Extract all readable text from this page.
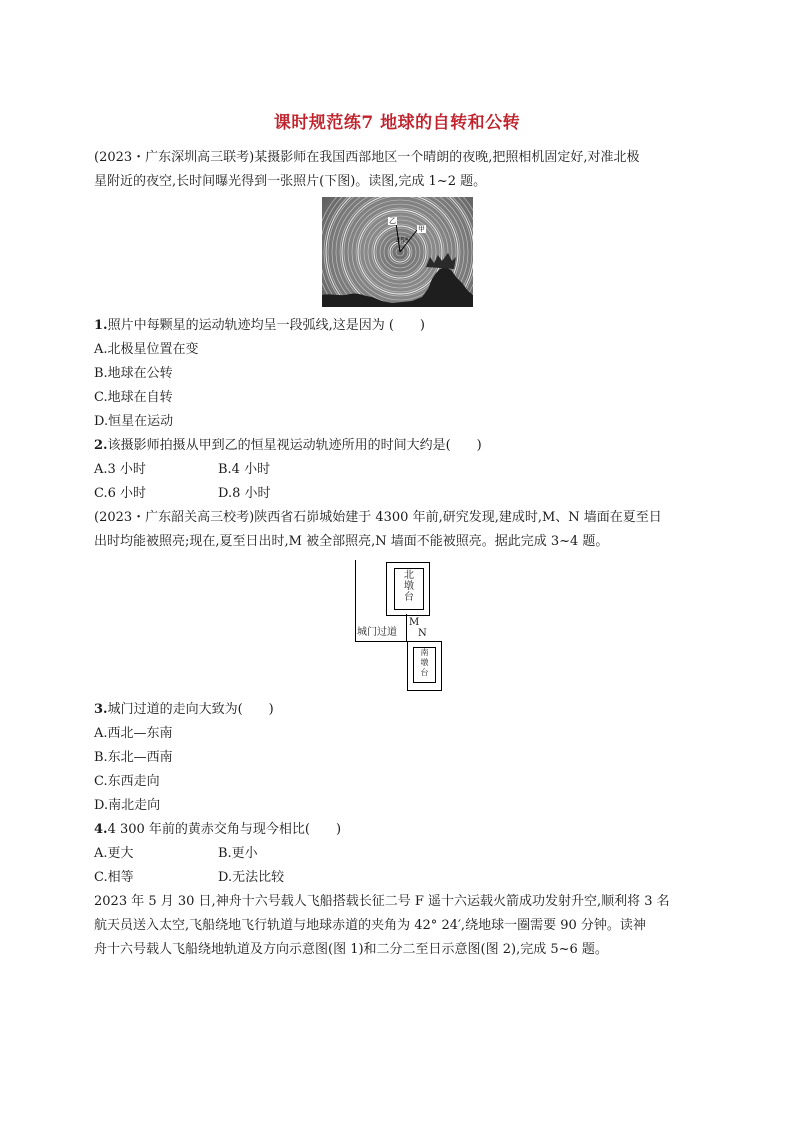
课时规范练7 地球的自转和公转
(2023・广东深圳高三联考)某摄影师在我国西部地区一个晴朗的夜晚,把照相机固定好,对准北极
星附近的夜空,长时间曝光得到一张照片(下图)。读图,完成 1~2 题。
乙
甲
45°
1.照片中每颗星的运动轨迹均呈一段弧线,这是因为 (　　)
A.北极星位置在变
B.地球在公转
C.地球在自转
D.恒星在运动
2.该摄影师拍摄从甲到乙的恒星视运动轨迹所用的时间大约是(　　)
A.3 小时	B.4 小时
C.6 小时	D.8 小时
(2023・广东韶关高三校考)陕西省石峁城始建于 4300 年前,研究发现,建成时,M、N 墙面在夏至日
出时均能被照亮;现在,夏至日出时,M 被全部照亮,N 墙面不能被照亮。据此完成 3~4 题。
北
墩
台
南
墩
台
城门过道
M
N
3.城门过道的走向大致为(　　)
A.西北—东南
B.东北—西南
C.东西走向
D.南北走向
4.4 300 年前的黄赤交角与现今相比(　　)
A.更大	B.更小
C.相等	D.无法比较
2023 年 5 月 30 日,神舟十六号载人飞船搭载长征二号 F 遥十六运载火箭成功发射升空,顺利将 3 名
航天员送入太空,飞船绕地飞行轨道与地球赤道的夹角为 42° 24′,绕地球一圈需要 90 分钟。读神
舟十六号载人飞船绕地轨道及方向示意图(图 1)和二分二至日示意图(图 2),完成 5~6 题。
